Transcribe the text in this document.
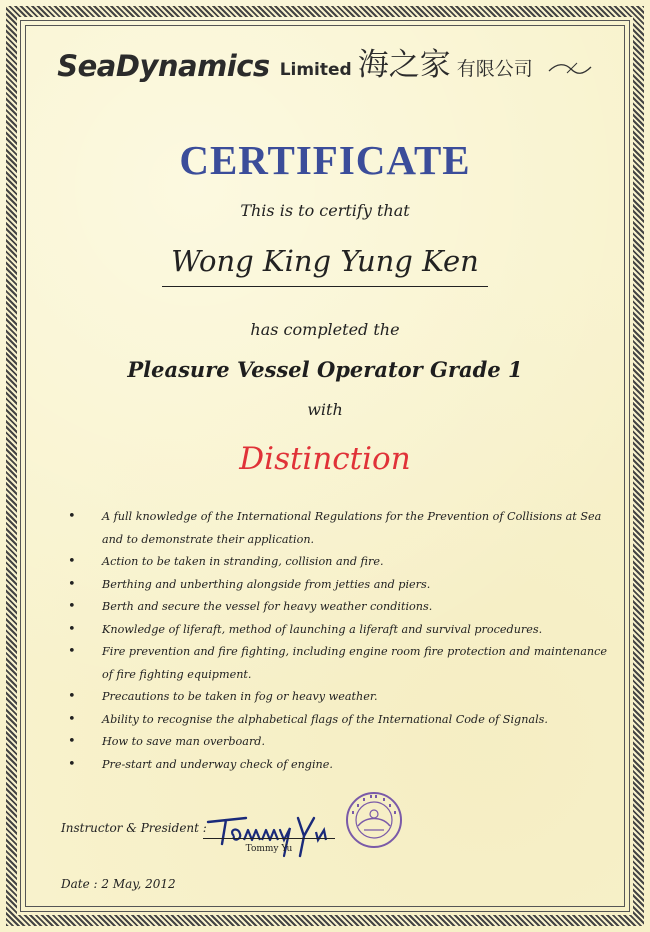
SeaDynamics Limited 海之家 有限公司
CERTIFICATE
This is to certify that
Wong King Yung Ken
has completed the
Pleasure Vessel Operator Grade 1
with
Distinction
• A full knowledge of the International Regulations for the Prevention of Collisions at Sea and to demonstrate their application.
• Action to be taken in stranding, collision and fire.
• Berthing and unberthing alongside from jetties and piers.
• Berth and secure the vessel for heavy weather conditions.
• Knowledge of liferaft, method of launching a liferaft and survival procedures.
• Fire prevention and fire fighting, including engine room fire protection and maintenance of fire fighting equipment.
• Precautions to be taken in fog or heavy weather.
• Ability to recognise the alphabetical flags of the International Code of Signals.
• How to save man overboard.
• Pre-start and underway check of engine.
Instructor & President :
Tommy Yu
Date : 2 May, 2012
